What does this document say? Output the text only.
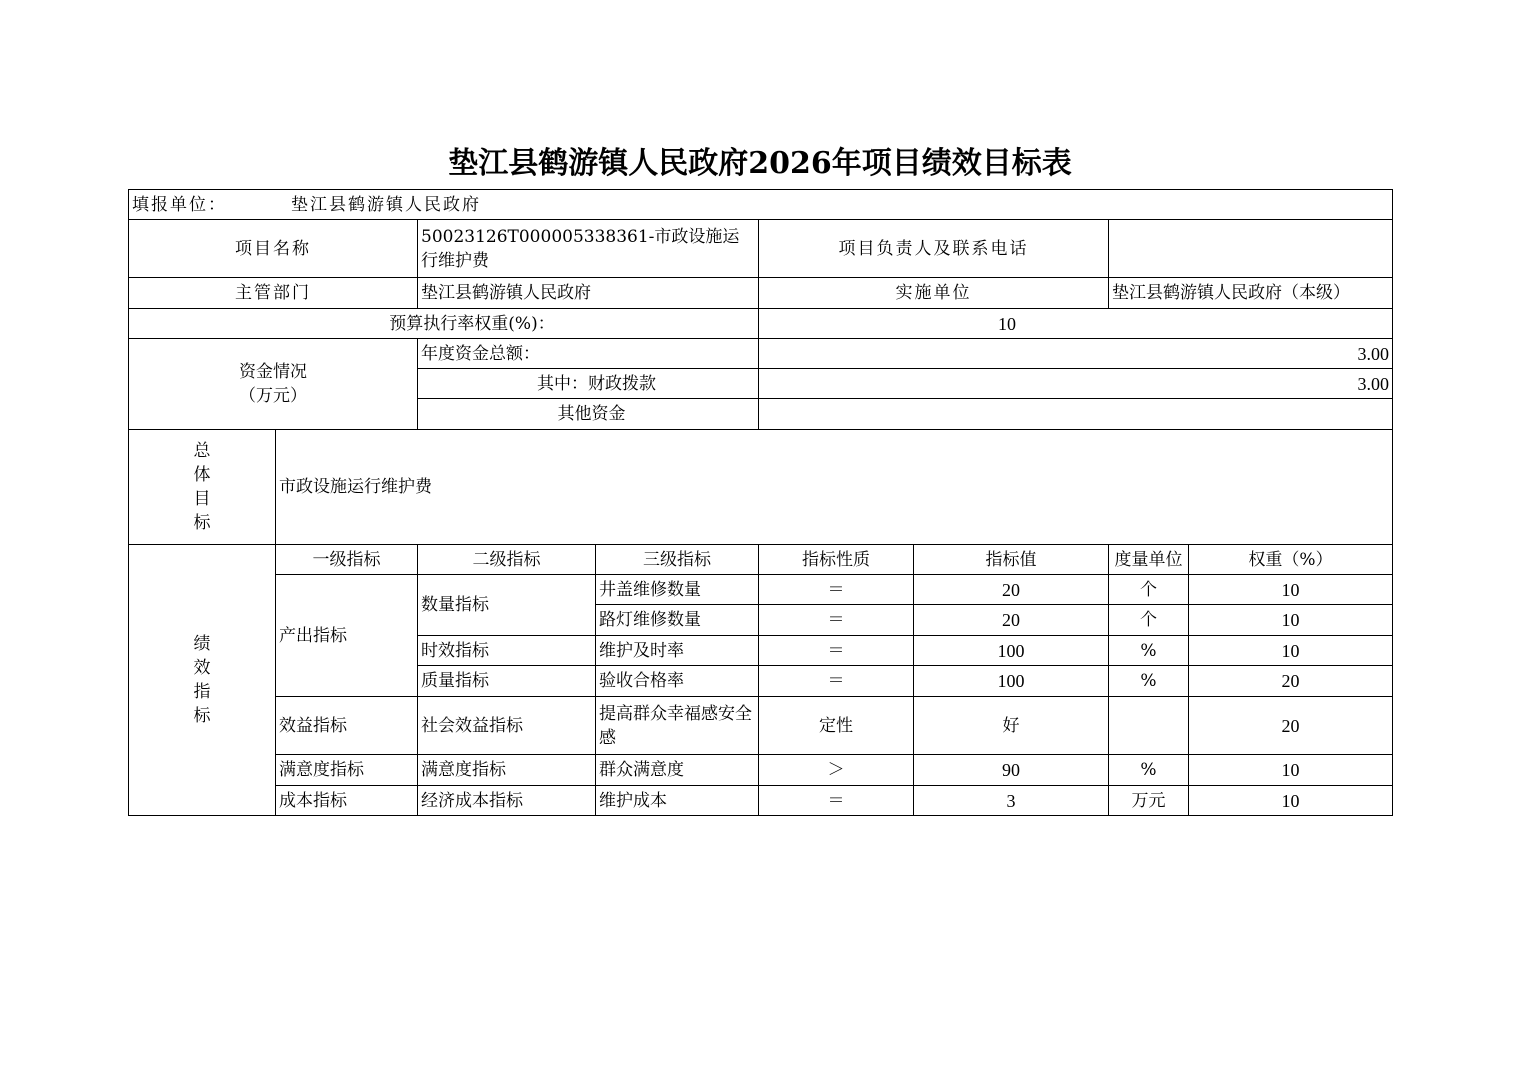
垫江县鹤游镇人民政府2026年项目绩效目标表
填报单位： 垫江县鹤游镇人民政府							
项目名称		50023126T000005338361-市政设施运行维护费		项目负责人及联系电话			
主管部门		垫江县鹤游镇人民政府		实施单位		垫江县鹤游镇人民政府（本级）	
预算执行率权重(%)：				10			

资金情况
（万元）		年度资金总额：		3.00			
		其中：财政拨款		3.00			
		其他资金					

总
体
目
标	市政设施运行维护费						

绩
效
指
标	一级指标	二级指标	三级指标	指标性质	指标值	度量单位	权重（%）
	产出指标	数量指标	井盖维修数量	＝	20	个	10
			路灯维修数量	＝	20	个	10
		时效指标	维护及时率	＝	100	%	10
		质量指标	验收合格率	＝	100	%	20
	效益指标	社会效益指标	提高群众幸福感安全感	定性	好		20
	满意度指标	满意度指标	群众满意度	＞	90	%	10
	成本指标	经济成本指标	维护成本	＝	3	万元	10
